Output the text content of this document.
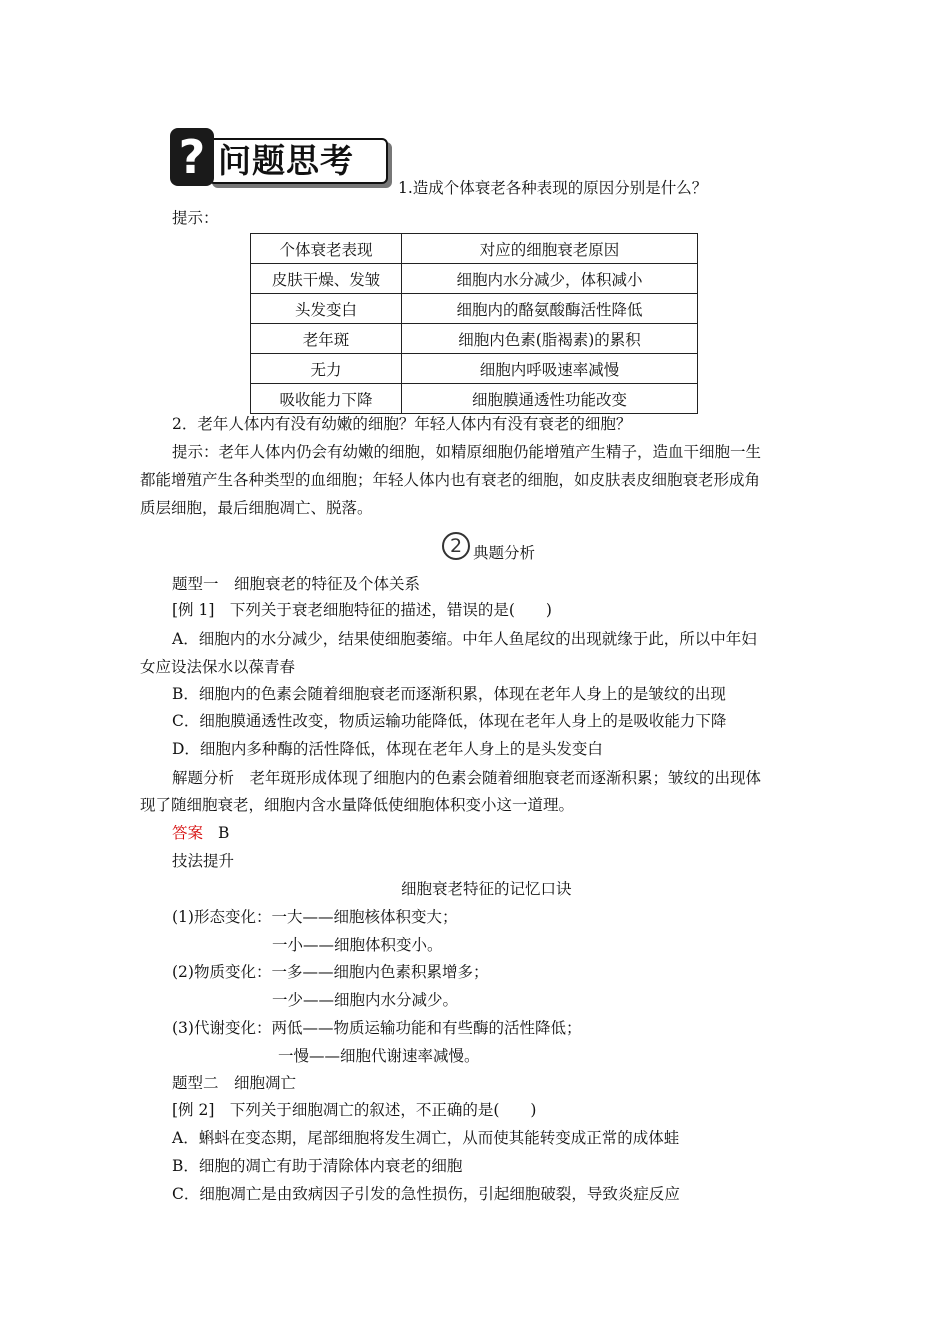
问题思考
?
1.造成个体衰老各种表现的原因分别是什么？
提示：
个体衰老表现	对应的细胞衰老原因
皮肤干燥、发皱	细胞内水分减少，体积减小
头发变白	细胞内的酪氨酸酶活性降低
老年斑	细胞内色素(脂褐素)的累积
无力	细胞内呼吸速率减慢
吸收能力下降	细胞膜通透性功能改变
2．老年人体内有没有幼嫩的细胞？年轻人体内有没有衰老的细胞？
提示：老年人体内仍会有幼嫩的细胞，如精原细胞仍能增殖产生精子，造血干细胞一生
都能增殖产生各种类型的血细胞；年轻人体内也有衰老的细胞，如皮肤表皮细胞衰老形成角
质层细胞，最后细胞凋亡、脱落。
2 典题分析
题型一　细胞衰老的特征及个体关系
[例 1]　下列关于衰老细胞特征的描述，错误的是(　　)
A．细胞内的水分减少，结果使细胞萎缩。中年人鱼尾纹的出现就缘于此，所以中年妇
女应设法保水以葆青春
B．细胞内的色素会随着细胞衰老而逐渐积累，体现在老年人身上的是皱纹的出现
C．细胞膜通透性改变，物质运输功能降低，体现在老年人身上的是吸收能力下降
D．细胞内多种酶的活性降低，体现在老年人身上的是头发变白
解题分析　老年斑形成体现了细胞内的色素会随着细胞衰老而逐渐积累；皱纹的出现体
现了随细胞衰老，细胞内含水量降低使细胞体积变小这一道理。
答案 B
技法提升
细胞衰老特征的记忆口诀
(1)形态变化：一大——细胞核体积变大；
一小——细胞体积变小。
(2)物质变化：一多——细胞内色素积累增多；
一少——细胞内水分减少。
(3)代谢变化：两低——物质运输功能和有些酶的活性降低；
一慢——细胞代谢速率减慢。
题型二　细胞凋亡
[例 2]　下列关于细胞凋亡的叙述，不正确的是(　　)
A．蝌蚪在变态期，尾部细胞将发生凋亡，从而使其能转变成正常的成体蛙
B．细胞的凋亡有助于清除体内衰老的细胞
C．细胞凋亡是由致病因子引发的急性损伤，引起细胞破裂，导致炎症反应
